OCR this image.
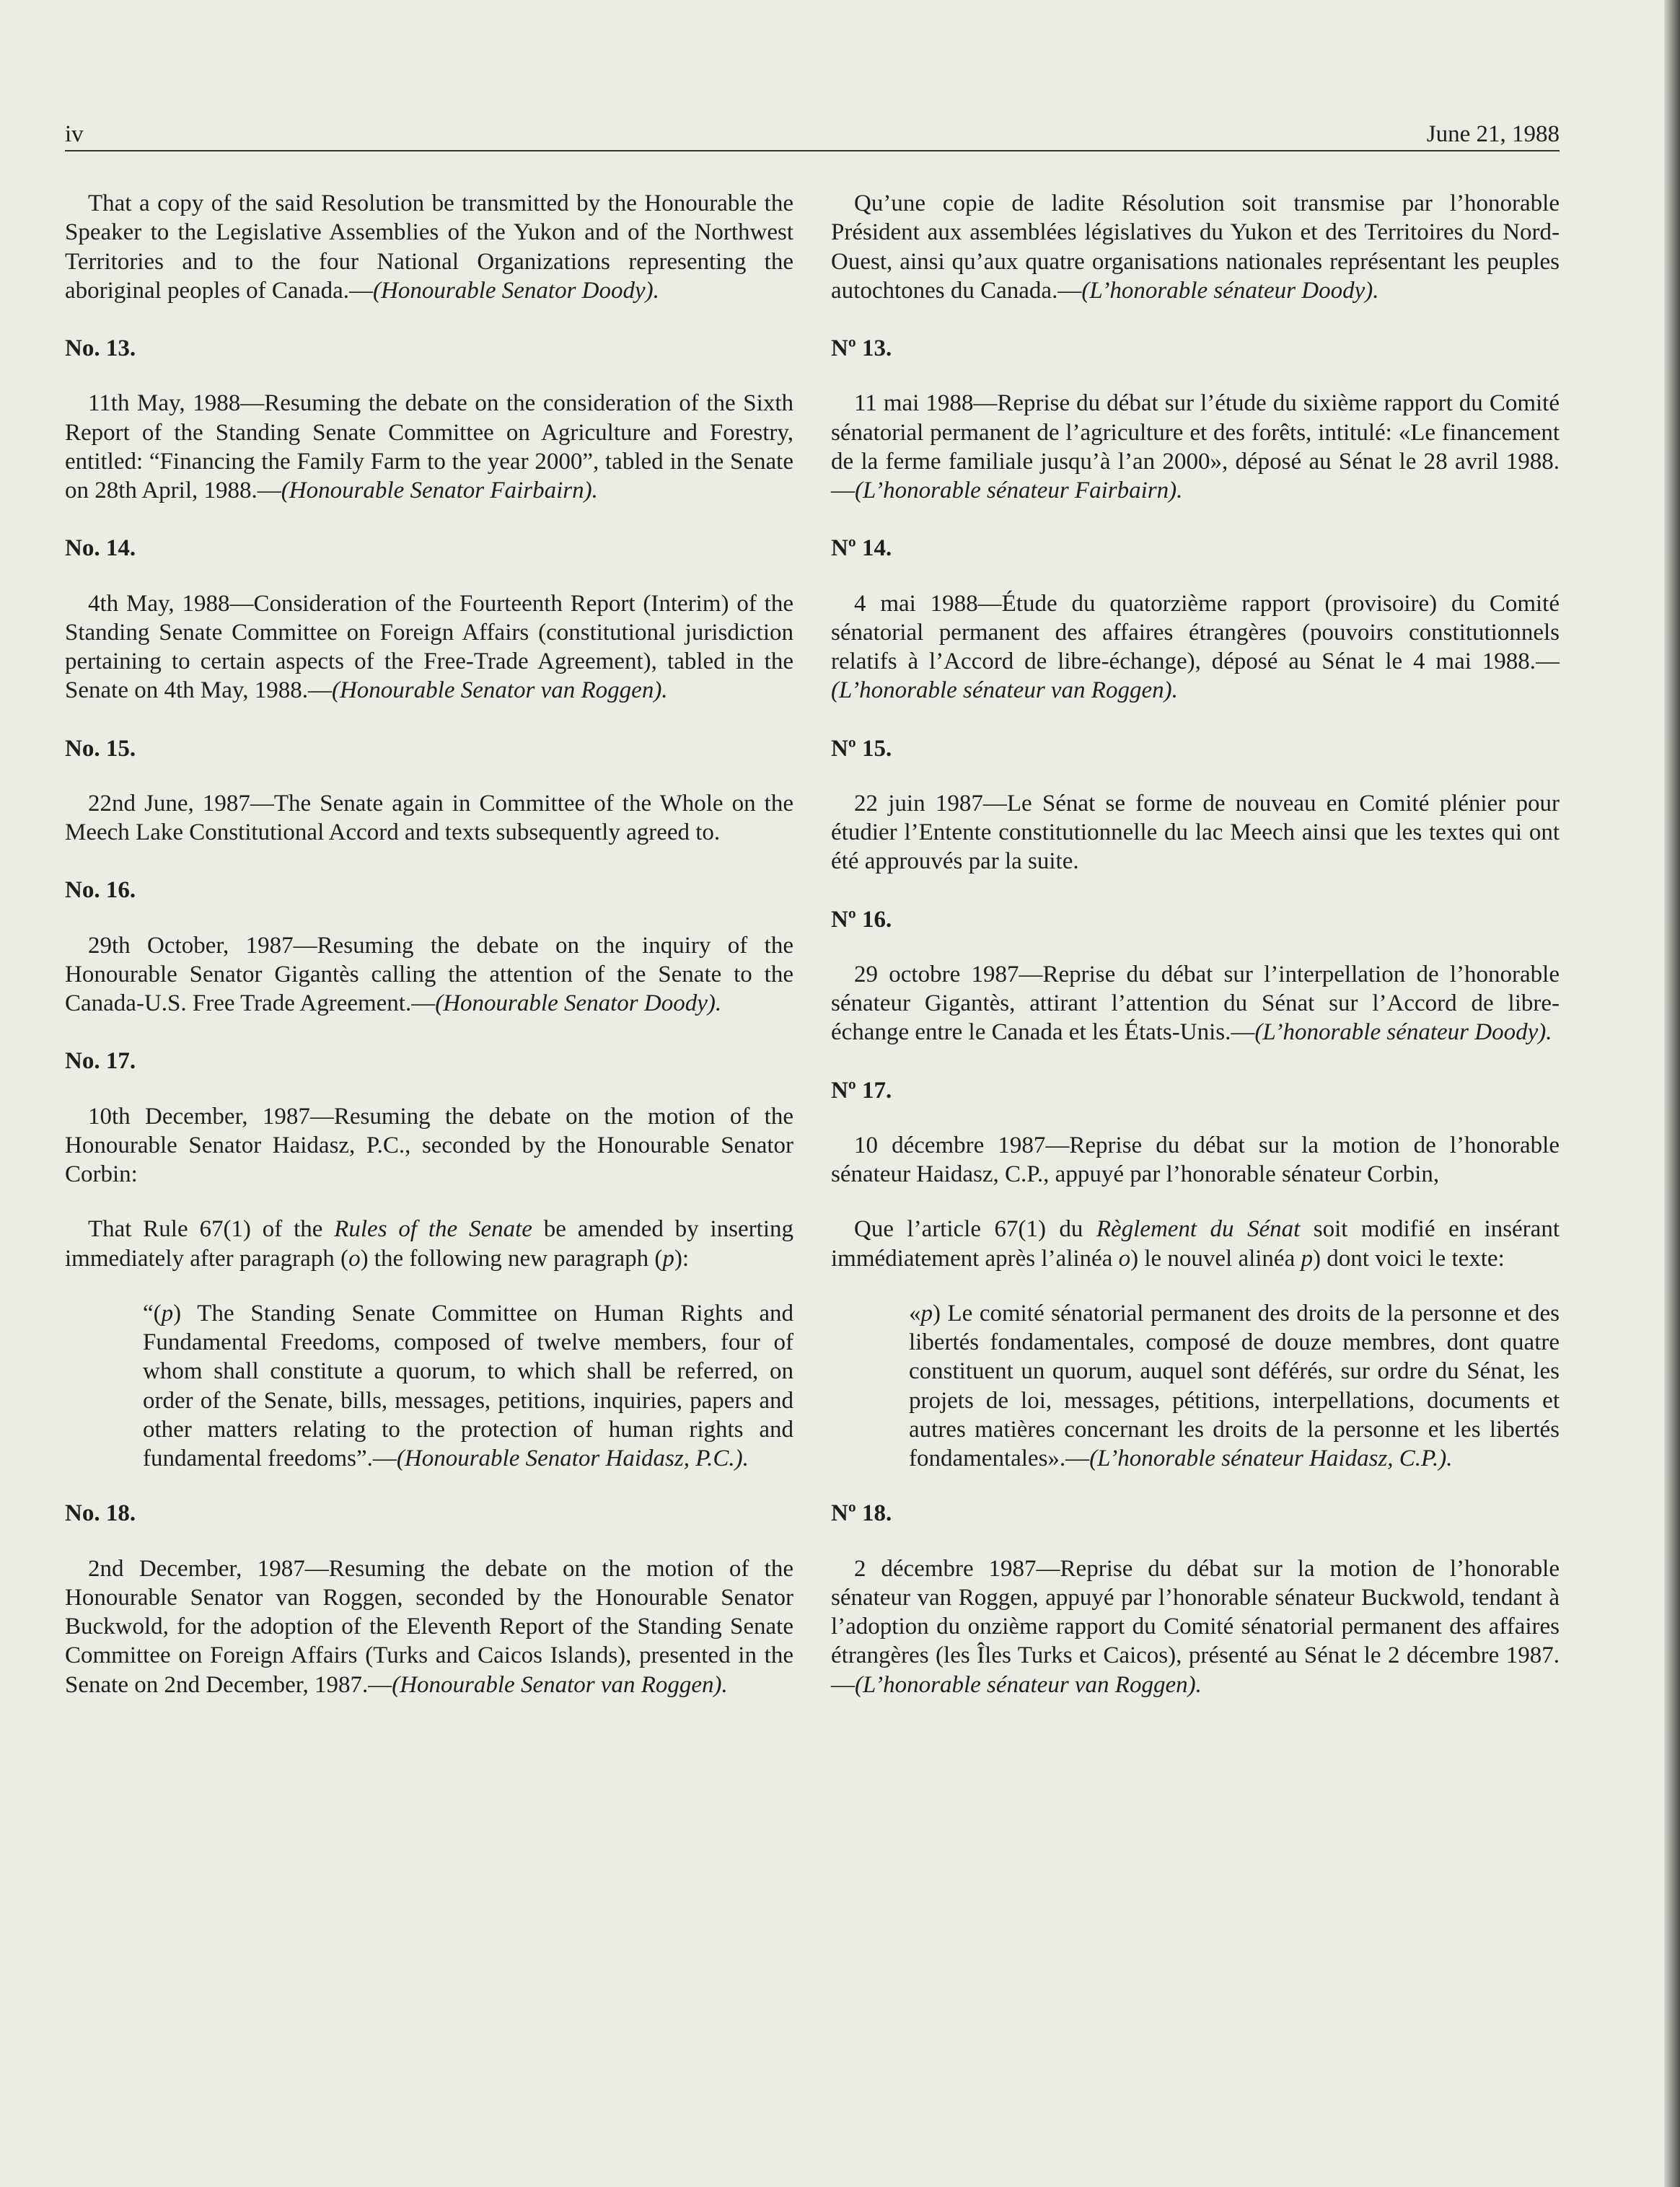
iv	June 21, 1988

That a copy of the said Resolution be transmitted by the Honourable the Speaker to the Legislative Assemblies of the Yukon and of the Northwest Territories and to the four National Organizations representing the aboriginal peoples of Canada.—(Honourable Senator Doody).

No. 13.

11th May, 1988—Resuming the debate on the consideration of the Sixth Report of the Standing Senate Committee on Agriculture and Forestry, entitled: “Financing the Family Farm to the year 2000”, tabled in the Senate on 28th April, 1988.—(Honourable Senator Fairbairn).

No. 14.

4th May, 1988—Consideration of the Fourteenth Report (Interim) of the Standing Senate Committee on Foreign Affairs (constitutional jurisdiction pertaining to certain aspects of the Free-Trade Agreement), tabled in the Senate on 4th May, 1988.—(Honourable Senator van Roggen).

No. 15.

22nd June, 1987—The Senate again in Committee of the Whole on the Meech Lake Constitutional Accord and texts subsequently agreed to.

No. 16.

29th October, 1987—Resuming the debate on the inquiry of the Honourable Senator Gigantès calling the attention of the Senate to the Canada-U.S. Free Trade Agreement.—(Honourable Senator Doody).

No. 17.

10th December, 1987—Resuming the debate on the motion of the Honourable Senator Haidasz, P.C., seconded by the Honourable Senator Corbin:

That Rule 67(1) of the Rules of the Senate be amended by inserting immediately after paragraph (o) the following new paragraph (p):

“(p) The Standing Senate Committee on Human Rights and Fundamental Freedoms, composed of twelve members, four of whom shall constitute a quorum, to which shall be referred, on order of the Senate, bills, messages, petitions, inquiries, papers and other matters relating to the protection of human rights and fundamental freedoms”.—(Honourable Senator Haidasz, P.C.).

No. 18.

2nd December, 1987—Resuming the debate on the motion of the Honourable Senator van Roggen, seconded by the Honourable Senator Buckwold, for the adoption of the Eleventh Report of the Standing Senate Committee on Foreign Affairs (Turks and Caicos Islands), presented in the Senate on 2nd December, 1987.—(Honourable Senator van Roggen).

Qu’une copie de ladite Résolution soit transmise par l’honorable Président aux assemblées législatives du Yukon et des Territoires du Nord-Ouest, ainsi qu’aux quatre organisations nationales représentant les peuples autochtones du Canada.—(L’honorable sénateur Doody).

Nº 13.

11 mai 1988—Reprise du débat sur l’étude du sixième rapport du Comité sénatorial permanent de l’agriculture et des forêts, intitulé: «Le financement de la ferme familiale jusqu’à l’an 2000», déposé au Sénat le 28 avril 1988.—(L’honorable sénateur Fairbairn).

Nº 14.

4 mai 1988—Étude du quatorzième rapport (provisoire) du Comité sénatorial permanent des affaires étrangères (pouvoirs constitutionnels relatifs à l’Accord de libre-échange), déposé au Sénat le 4 mai 1988.—(L’honorable sénateur van Roggen).

Nº 15.

22 juin 1987—Le Sénat se forme de nouveau en Comité plénier pour étudier l’Entente constitutionnelle du lac Meech ainsi que les textes qui ont été approuvés par la suite.

Nº 16.

29 octobre 1987—Reprise du débat sur l’interpellation de l’honorable sénateur Gigantès, attirant l’attention du Sénat sur l’Accord de libre-échange entre le Canada et les États-Unis.—(L’honorable sénateur Doody).

Nº 17.

10 décembre 1987—Reprise du débat sur la motion de l’honorable sénateur Haidasz, C.P., appuyé par l’honorable sénateur Corbin,

Que l’article 67(1) du Règlement du Sénat soit modifié en insérant immédiatement après l’alinéa o) le nouvel alinéa p) dont voici le texte:

«p) Le comité sénatorial permanent des droits de la personne et des libertés fondamentales, composé de douze membres, dont quatre constituent un quorum, auquel sont déférés, sur ordre du Sénat, les projets de loi, messages, pétitions, interpellations, documents et autres matières concernant les droits de la personne et les libertés fondamentales».—(L’honorable sénateur Haidasz, C.P.).

Nº 18.

2 décembre 1987—Reprise du débat sur la motion de l’honorable sénateur van Roggen, appuyé par l’honorable sénateur Buckwold, tendant à l’adoption du onzième rapport du Comité sénatorial permanent des affaires étrangères (les Îles Turks et Caicos), présenté au Sénat le 2 décembre 1987.—(L’honorable sénateur van Roggen).
